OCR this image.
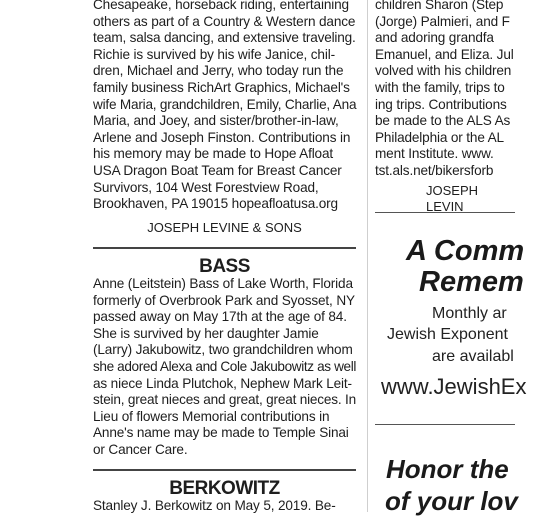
Chesapeake, horseback riding, entertaining
others as part of a Country & Western dance
team, salsa dancing, and extensive traveling.
Richie is survived by his wife Janice, chil-
dren, Michael and Jerry, who today run the
family business RichArt Graphics, Michael's
wife Maria, grandchildren, Emily, Charlie, Ana
Maria, and Joey, and sister/brother-in-law,
Arlene and Joseph Finston. Contributions in
his memory may be made to Hope Afloat
USA Dragon Boat Team for Breast Cancer
Survivors, 104 West Forestview Road,
Brookhaven, PA 19015 hopeafloatusa.org
JOSEPH LEVINE & SONS
BASS
Anne (Leitstein) Bass of Lake Worth, Florida
formerly of Overbrook Park and Syosset, NY
passed away on May 17th at the age of 84.
She is survived by her daughter Jamie
(Larry) Jakubowitz, two grandchildren whom
she adored Alexa and Cole Jakubowitz as well
as niece Linda Plutchok, Nephew Mark Leit-
stein, great nieces and great, great nieces. In
Lieu of flowers Memorial contributions in
Anne's name may be made to Temple Sinai
or Cancer Care.
BERKOWITZ
Stanley J. Berkowitz on May 5, 2019. Be-
children Sharon (Step
(Jorge) Palmieri, and F
and adoring grandfa
Emanuel, and Eliza. Jul
volved with his children
with the family, trips to
ing trips. Contributions
be made to the ALS As
Philadelphia or the AL
ment Institute. www.
tst.als.net/bikersforb
JOSEPH LEVIN
A Comm
Remem
Monthly ar
Jewish Exponent
are availabl
www.JewishEx
Honor the
of your lov
